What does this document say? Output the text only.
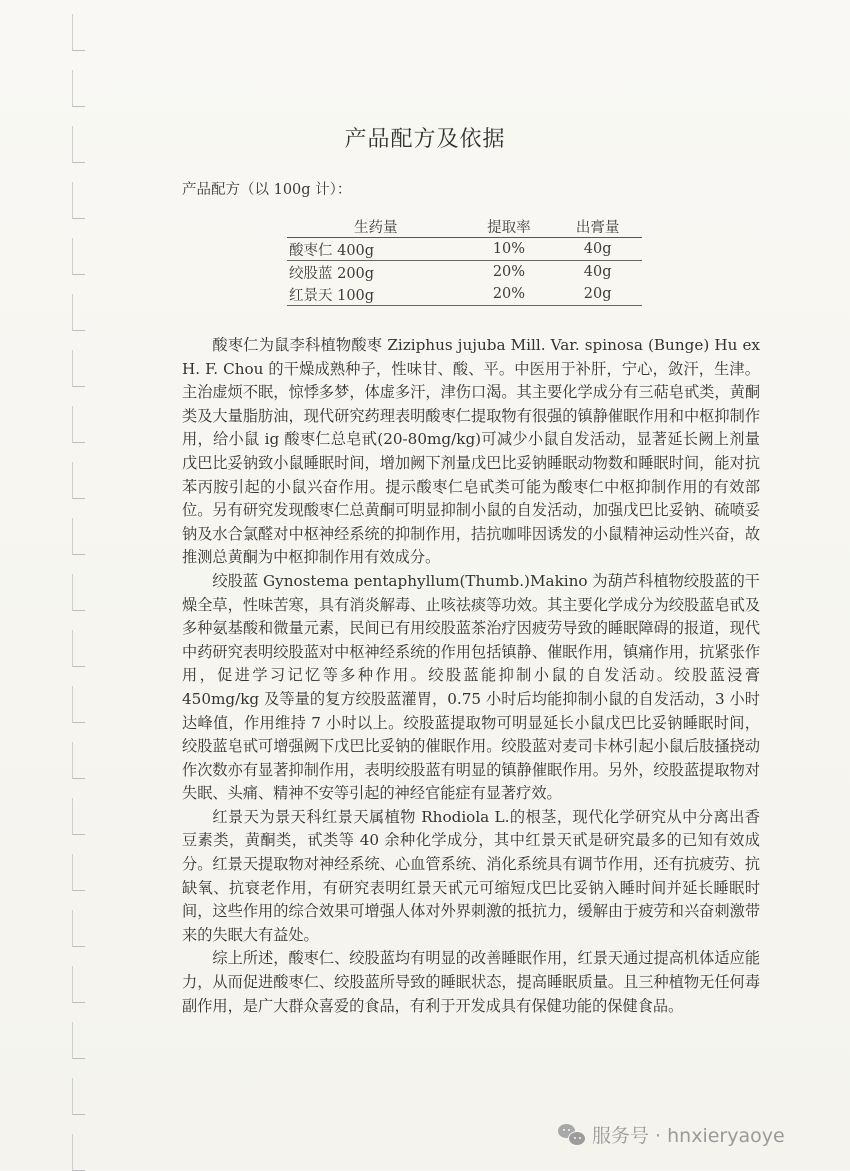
产品配方及依据
产品配方（以 100g 计）：
生药量	提取率	出膏量
酸枣仁 400g	10%	40g
绞股蓝 200g	20%	40g
红景天 100g	20%	20g

酸枣仁为鼠李科植物酸枣 Ziziphus jujuba Mill. Var. spinosa (Bunge) Hu ex H. F. Chou 的干燥成熟种子，性味甘、酸、平。中医用于补肝，宁心，敛汗，生津。主治虚烦不眠，惊悸多梦，体虚多汗，津伤口渴。其主要化学成分有三萜皂甙类，黄酮类及大量脂肪油，现代研究药理表明酸枣仁提取物有很强的镇静催眠作用和中枢抑制作用，给小鼠 ig 酸枣仁总皂甙(20-80mg/kg)可减少小鼠自发活动，显著延长阙上剂量戊巴比妥钠致小鼠睡眠时间，增加阙下剂量戊巴比妥钠睡眠动物数和睡眠时间，能对抗苯丙胺引起的小鼠兴奋作用。提示酸枣仁皂甙类可能为酸枣仁中枢抑制作用的有效部位。另有研究发现酸枣仁总黄酮可明显抑制小鼠的自发活动，加强戊巴比妥钠、硫喷妥钠及水合氯醛对中枢神经系统的抑制作用，拮抗咖啡因诱发的小鼠精神运动性兴奋，故推测总黄酮为中枢抑制作用有效成分。

绞股蓝 Gynostema pentaphyllum(Thumb.)Makino 为葫芦科植物绞股蓝的干燥全草，性味苦寒，具有消炎解毒、止咳祛痰等功效。其主要化学成分为绞股蓝皂甙及多种氨基酸和微量元素，民间已有用绞股蓝茶治疗因疲劳导致的睡眠障碍的报道，现代中药研究表明绞股蓝对中枢神经系统的作用包括镇静、催眠作用，镇痛作用，抗紧张作用，促进学习记忆等多种作用。绞股蓝能抑制小鼠的自发活动。绞股蓝浸膏 450mg/kg 及等量的复方绞股蓝灌胃，0.75 小时后均能抑制小鼠的自发活动，3 小时达峰值，作用维持 7 小时以上。绞股蓝提取物可明显延长小鼠戊巴比妥钠睡眠时间，绞股蓝皂甙可增强阙下戊巴比妥钠的催眠作用。绞股蓝对麦司卡林引起小鼠后肢搔挠动作次数亦有显著抑制作用，表明绞股蓝有明显的镇静催眠作用。另外，绞股蓝提取物对失眠、头痛、精神不安等引起的神经官能症有显著疗效。

红景天为景天科红景天属植物 Rhodiola L.的根茎，现代化学研究从中分离出香豆素类，黄酮类，甙类等 40 余种化学成分，其中红景天甙是研究最多的已知有效成分。红景天提取物对神经系统、心血管系统、消化系统具有调节作用，还有抗疲劳、抗缺氧、抗衰老作用，有研究表明红景天甙元可缩短戊巴比妥钠入睡时间并延长睡眠时间，这些作用的综合效果可增强人体对外界刺激的抵抗力，缓解由于疲劳和兴奋刺激带来的失眠大有益处。

综上所述，酸枣仁、绞股蓝均有明显的改善睡眠作用，红景天通过提高机体适应能力，从而促进酸枣仁、绞股蓝所导致的睡眠状态，提高睡眠质量。且三种植物无任何毒副作用，是广大群众喜爱的食品，有利于开发成具有保健功能的保健食品。

服务号 · hnxieryaoye
